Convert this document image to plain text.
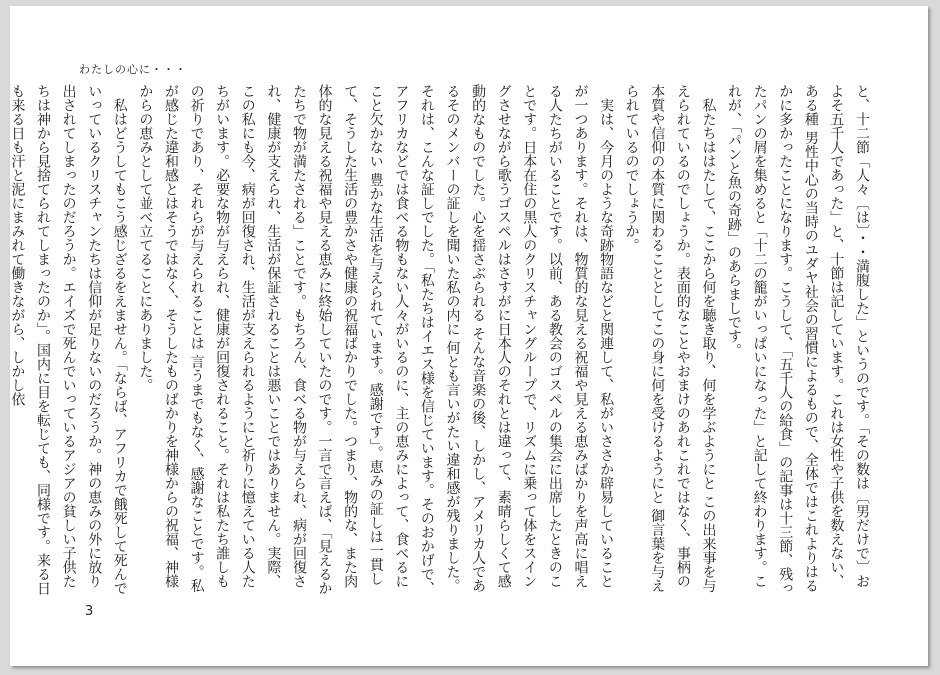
わたしの心に・・・

と、十二節「人々〔は〕・・満腹した」というのです。「その数は〔男だけで〕およそ五千人であった」と、十節は記しています。これは女性や子供を数えない、ある種 男性中心の当時のユダヤ社会の習慣によるもので、全体ではこれよりはるかに多かったことになります。こうして、「五千人の給食」の記事は十三節、残ったパンの屑を集めると「十二の籠がいっぱいになった」と記して終わります。これが、「パンと魚の奇跡」のあらましです。

私たちははたして、ここから何を聴き取り、何を学ぶようにと この出来事を与えられているのでしょうか。表面的なことやおまけのあれこれではなく、事柄の本質や信仰の本質に関わることとしてこの身に何を受けるようにと 御言葉を与えられているのでしょうか。

実は、今月のような奇跡物語などと関連して、私がいささか辟易していることが一つあります。それは、物質的な見える祝福や見える恵みばかりを声高に唱える人たちがいることです。以前、ある教会のゴスペルの集会に出席したときのことです。日本在住の黒人のクリスチャングループで、リズムに乗って体をスイングさせながら歌うゴスペルはさすがに日本人のそれとは違って、素晴らしくて感動的なものでした。心を揺さぶられる そんな音楽の後、しかし、アメリカ人であるそのメンバーの証しを聞いた私の内に 何とも言いがたい違和感が残りました。それは、こんな証しでした。「私たちはイエス様を信じています。そのおかげで、アフリカなどでは食べる物もない人々がいるのに、主の恵みによって、食べるにこと欠かない 豊かな生活を与えられています。感謝です」。恵みの証しは一貫して、そうした生活の豊かさや健康の祝福ばかりでした。つまり、物的な、また肉体的な見える祝福や見える恵みに終始していたのです。一言で言えば、「見えるかたちで物が満たされる」ことです。もちろん、食べる物が与えられ、病が回復され、健康が支えられ、生活が保証されることは悪いことではありません。実際、この私にも今、病が回復され、生活が支えられるようにと祈りに憶えている人たちがいます。必要な物が与えられ、健康が回復されること。それは私たち誰しもの祈りであり、それらが与えられることは 言うまでもなく、感謝なことです。私が感じた違和感とはそうではなく、そうしたものばかりを神様からの祝福、神様からの恵みとして並べ立てることにありました。

私はどうしてもこう感じざるをえません。「ならば、アフリカで餓死して死んでいっているクリスチャンたちは信仰が足りないのだろうか。神の恵みの外に放り出されてしまったのだろうか。エイズで死んでいっているアジアの貧しい子供たちは神から見捨てられてしまったのか」。国内に目を転じても、同様です。来る日も来る日も汗と泥にまみれて働きながら、しかし依

3
